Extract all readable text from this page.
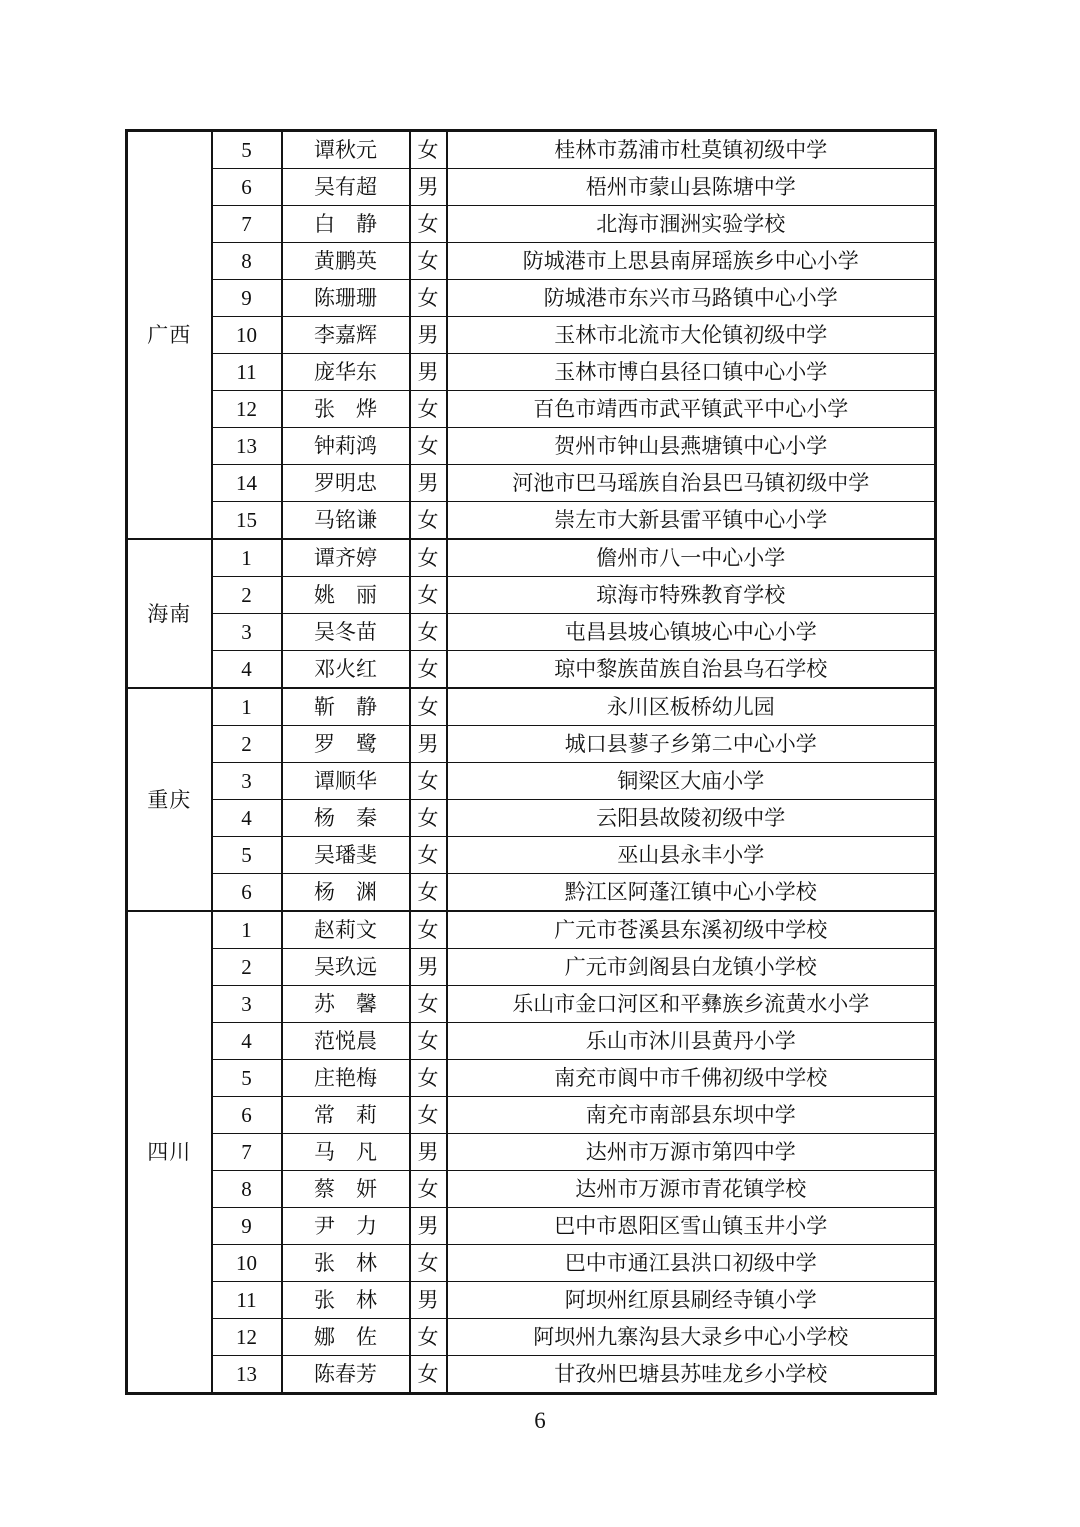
广西	5	谭秋元	女	桂林市荔浦市杜莫镇初级中学
	6	吴有超	男	梧州市蒙山县陈塘中学
	7	白　静	女	北海市涠洲实验学校
	8	黄鹏英	女	防城港市上思县南屏瑶族乡中心小学
	9	陈珊珊	女	防城港市东兴市马路镇中心小学
	10	李嘉辉	男	玉林市北流市大伦镇初级中学
	11	庞华东	男	玉林市博白县径口镇中心小学
	12	张　烨	女	百色市靖西市武平镇武平中心小学
	13	钟莉鸿	女	贺州市钟山县燕塘镇中心小学
	14	罗明忠	男	河池市巴马瑶族自治县巴马镇初级中学
	15	马铭谦	女	崇左市大新县雷平镇中心小学
海南	1	谭齐婷	女	儋州市八一中心小学
	2	姚　丽	女	琼海市特殊教育学校
	3	吴冬苗	女	屯昌县坡心镇坡心中心小学
	4	邓火红	女	琼中黎族苗族自治县乌石学校
重庆	1	靳　静	女	永川区板桥幼儿园
	2	罗　鹭	男	城口县蓼子乡第二中心小学
	3	谭顺华	女	铜梁区大庙小学
	4	杨　秦	女	云阳县故陵初级中学
	5	吴璠斐	女	巫山县永丰小学
	6	杨　渊	女	黔江区阿蓬江镇中心小学校
四川	1	赵莉文	女	广元市苍溪县东溪初级中学校
	2	吴玖远	男	广元市剑阁县白龙镇小学校
	3	苏　馨	女	乐山市金口河区和平彝族乡流黄水小学
	4	范悦晨	女	乐山市沐川县黄丹小学
	5	庄艳梅	女	南充市阆中市千佛初级中学校
	6	常　莉	女	南充市南部县东坝中学
	7	马　凡	男	达州市万源市第四中学
	8	蔡　妍	女	达州市万源市青花镇学校
	9	尹　力	男	巴中市恩阳区雪山镇玉井小学
	10	张　林	女	巴中市通江县洪口初级中学
	11	张　林	男	阿坝州红原县刷经寺镇小学
	12	娜　佐	女	阿坝州九寨沟县大录乡中心小学校
	13	陈春芳	女	甘孜州巴塘县苏哇龙乡小学校
6
